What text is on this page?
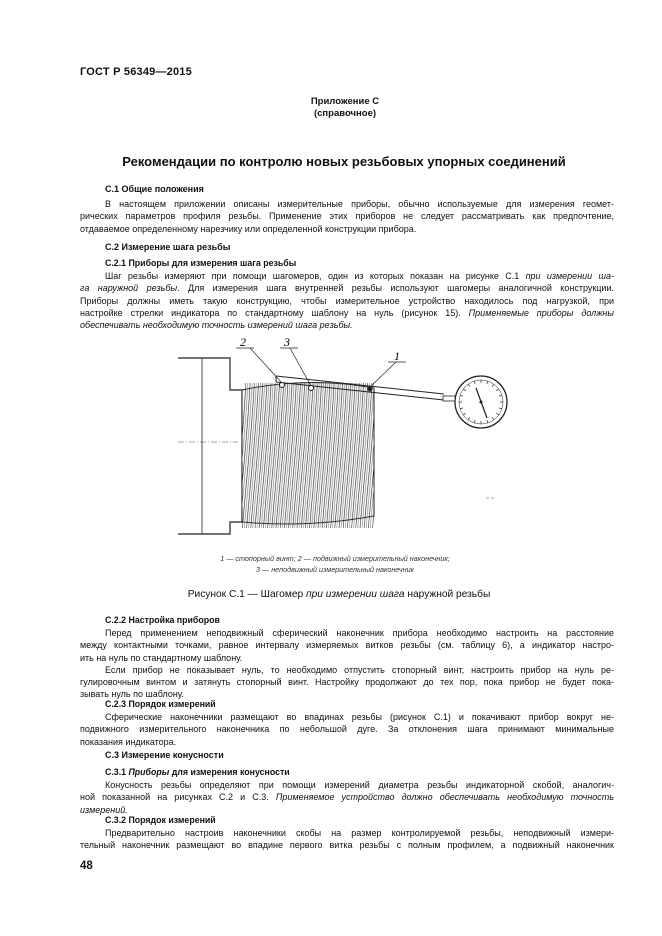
ГОСТ Р 56349—2015
Приложение С
(справочное)
Рекомендации по контролю новых резьбовых упорных соединений
С.1 Общие положения
В настоящем приложении описаны измерительные приборы, обычно используемые для измерения геомет-
рических параметров профиля резьбы. Применение этих приборов не следует рассматривать как предпочтение,
отдаваемое определенному нарезчику или определенной конструкции прибора.
С.2 Измерение шага резьбы
С.2.1 Приборы для измерения шага резьбы
Шаг резьбы измеряют при помощи шагомеров, один из которых показан на рисунке С.1 при измерении ша-
га наружной резьбы. Для измерения шага внутренней резьбы используют шагомеры аналогичной конструкции.
Приборы должны иметь такую конструкцию, чтобы измерительное устройство находилось под нагрузкой, при
настройке стрелки индикатора по стандартному шаблону на нуль (рисунок 15). Применяемые приборы должны
обеспечивать необходимую точность измерений шага резьбы.
2	3
1
1 — стопорный винт; 2 — подвижный измерительный наконечник;
3 — неподвижный измерительный наконечник
Рисунок С.1 — Шагомер при измерении шага наружной резьбы
С.2.2 Настройка приборов
Перед применением неподвижный сферический наконечник прибора необходимо настроить на расстояние
между контактными точками, равное интервалу измеряемых витков резьбы (см. таблицу 6), а индикатор настро-
ить на нуль по стандартному шаблону.
Если прибор не показывает нуль, то необходимо отпустить стопорный винт, настроить прибор на нуль ре-
гулировочным винтом и затянуть стопорный винт. Настройку продолжают до тех пор, пока прибор не будет пока-
зывать нуль по шаблону.
С.2.3 Порядок измерений
Сферические наконечники размещают во впадинах резьбы (рисунок С.1) и покачивают прибор вокруг не-
подвижного измерительного наконечника по небольшой дуге. За отклонения шага принимают минимальные
показания индикатора.
С.3 Измерение конусности
С.3.1 Приборы для измерения конусности
Конусность резьбы определяют при помощи измерений диаметра резьбы индикаторной скобой, аналогич-
ной показанной на рисунках С.2 и С.3. Применяемое устройство должно обеспечивать необходимую точность
измерений.
С.3.2 Порядок измерений
Предварительно настроив наконечники скобы на размер контролируемой резьбы, неподвижный измери-
тельный наконечник размещают во впадине первого витка резьбы с полным профилем, а подвижный наконечник
48
